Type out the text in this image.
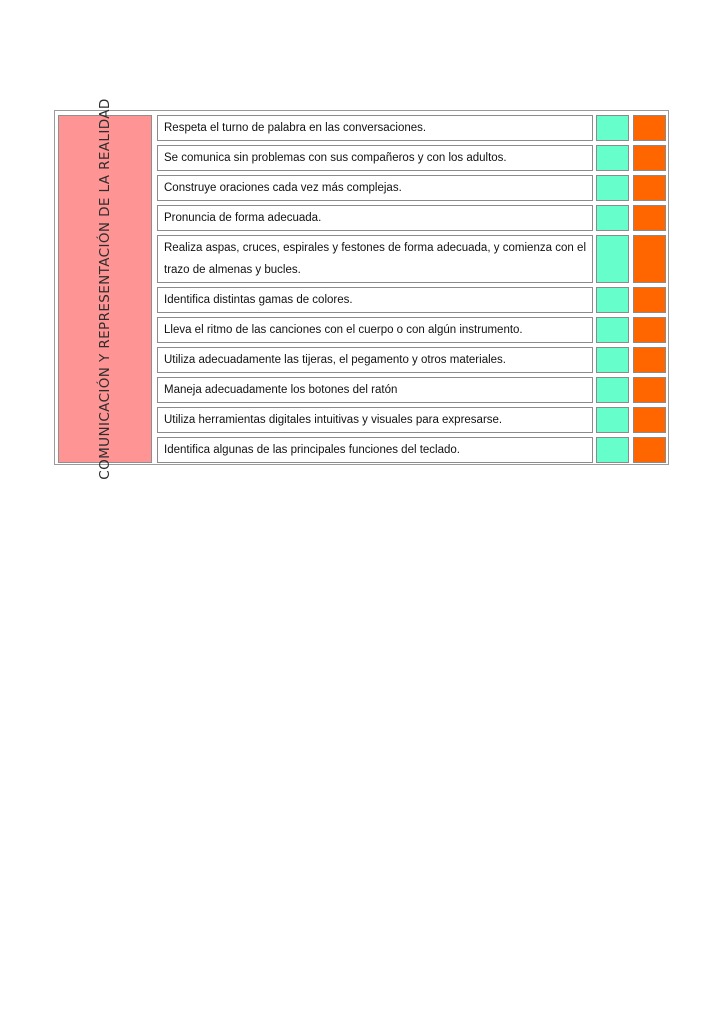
COMUNICACIÓN Y REPRESENTACIÓN DE LA REALIDAD	Respeta el turno de palabra en las conversaciones.
Se comunica sin problemas con sus compañeros y con los adultos.
Construye oraciones cada vez más complejas.
Pronuncia de forma adecuada.
Realiza aspas, cruces, espirales y festones de forma adecuada, y comienza con el trazo de almenas y bucles.
Identifica distintas gamas de colores.
Lleva el ritmo de las canciones con el cuerpo o con algún instrumento.
Utiliza adecuadamente las tijeras, el pegamento y otros materiales.
Maneja adecuadamente los botones del ratón
Utiliza herramientas digitales intuitivas y visuales para expresarse.
Identifica algunas de las principales funciones del teclado.
